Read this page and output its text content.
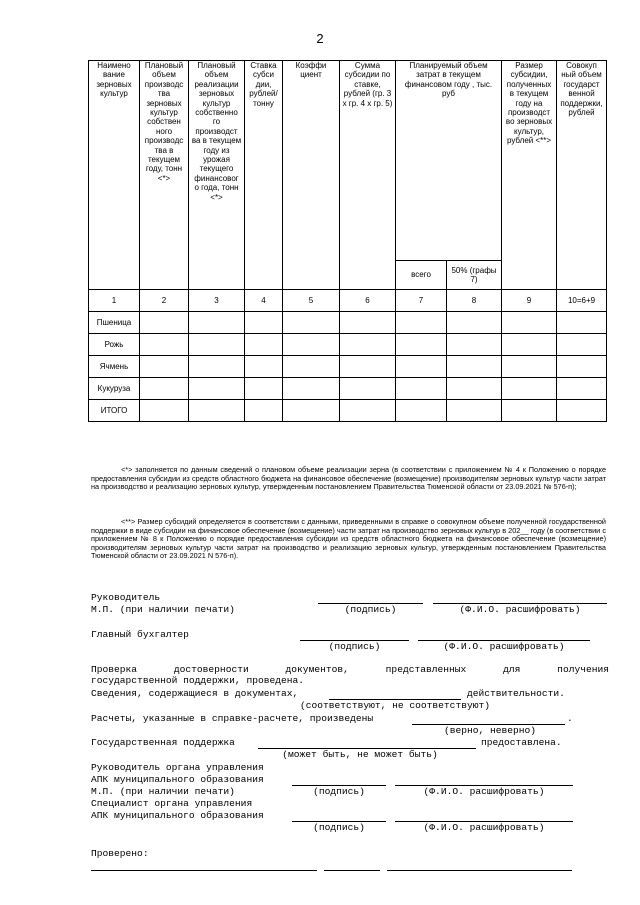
2
Наимено вание зерновых культур	Плановый объем производс тва зерновых культур собствен ного производс тва в текущем году, тонн <*>	Плановый объем реализации зерновых культур собственно го производст ва в текущем году из урожая текущего финансовог о года, тонн <*>	Ставка субси дии, рублей/ тонну	Коэффи циент	Сумма субсидии по ставке, рублей (гр. 3 x гр. 4 x гр. 5)	Планируемый объем затрат в текущем финансовом году , тыс. руб		Размер субсидии, полученных в текущем году на производст во зерновых культур, рублей <**>	Совокуп ный объем государст венной поддержки, рублей
						всего	50% (графы 7)		
1	2	3	4	5	6	7	8	9	10=6+9
Пшеница									
Рожь									
Ячмень									
Кукуруза									
ИТОГО									
<*> заполняется по данным сведений о плановом объеме реализации зерна (в соответствии с приложением № 4 к Положению о порядке предоставления субсидии из средств областного бюджета на финансовое обеспечение (возмещение) производителям зерновых культур части затрат на производство и реализацию зерновых культур, утвержденным постановлением Правительства Тюменской области от 23.09.2021 № 576-п);
<**> Размер субсидий определяется в соответствии с данными, приведенными в справке о совокупном объеме полученной государственной поддержки в виде субсидии на финансовое обеспечение (возмещение) части затрат на производство зерновых культур в 202__ году (в соответствии с приложением № 8 к Положению о порядке предоставления субсидии из средств областного бюджета на финансовое обеспечение (возмещение) производителям зерновых культур части затрат на производство и реализацию зерновых культур, утвержденным постановлением Правительства Тюменской области от 23.09.2021 N 576-п).
Руководитель
М.П. (при наличии печати)	(подпись)	(Ф.И.О. расшифровать)
Главный бухгалтер
(подпись)	(Ф.И.О. расшифровать)
Проверка достоверности документов, представленных для получения
государственной поддержки, проведена.
Сведения, содержащиеся в документах,	действительности.
(соответствуют, не соответствуют)
Расчеты, указанные в справке-расчете, произведены	.
(верно, неверно)
Государственная поддержка	предоставлена.
(может быть, не может быть)
Руководитель органа управления
АПК муниципального образования
М.П. (при наличии печати)	(подпись)	(Ф.И.О. расшифровать)
Специалист органа управления
АПК муниципального образования
(подпись)	(Ф.И.О. расшифровать)
Проверено:
